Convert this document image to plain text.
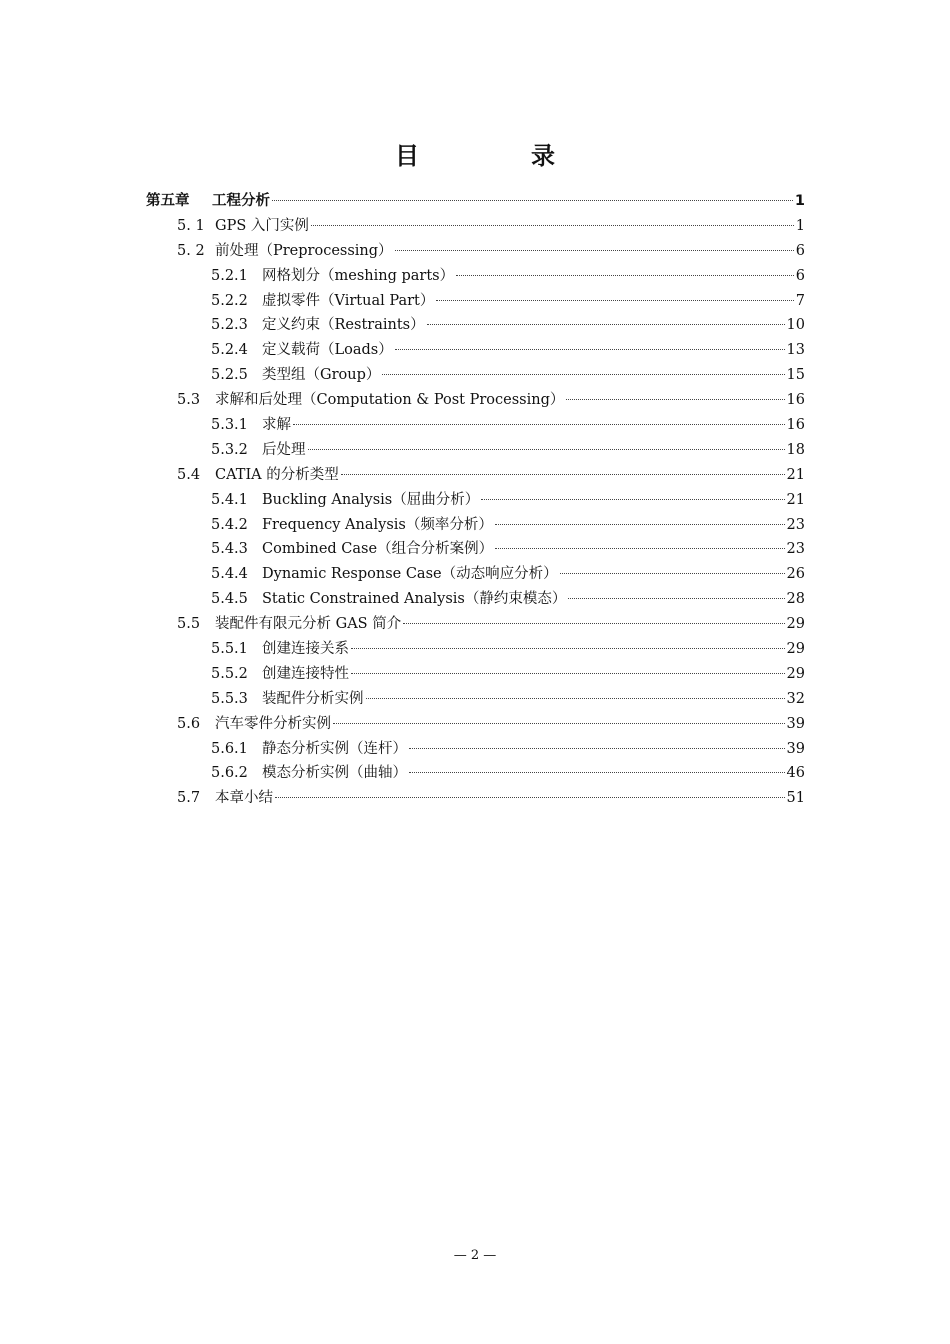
目　录
第五章	工程分析	1
5. 1 GPS 入门实例	1
5. 2 前处理（Preprocessing）	6
5.2.1 网格划分（meshing parts）	6
5.2.2 虚拟零件（Virtual Part）	7
5.2.3 定义约束（Restraints）	10
5.2.4 定义载荷（Loads）	13
5.2.5 类型组（Group）	15
5.3	求解和后处理（Computation & Post Processing）	16
5.3.1 求解	16
5.3.2 后处理	18
5.4	CATIA 的分析类型	21
5.4.1 Buckling Analysis（屈曲分析）	21
5.4.2 Frequency Analysis（频率分析）	23
5.4.3 Combined Case（组合分析案例）	23
5.4.4 Dynamic Response Case（动态响应分析）	26
5.4.5 Static Constrained Analysis（静约束模态）	28
5.5	装配件有限元分析 GAS 简介	29
5.5.1 创建连接关系	29
5.5.2 创建连接特性	29
5.5.3 装配件分析实例	32
5.6	汽车零件分析实例	39
5.6.1 静态分析实例（连杆）	39
5.6.2 模态分析实例（曲轴）	46
5.7	本章小结	51
— 2 —
